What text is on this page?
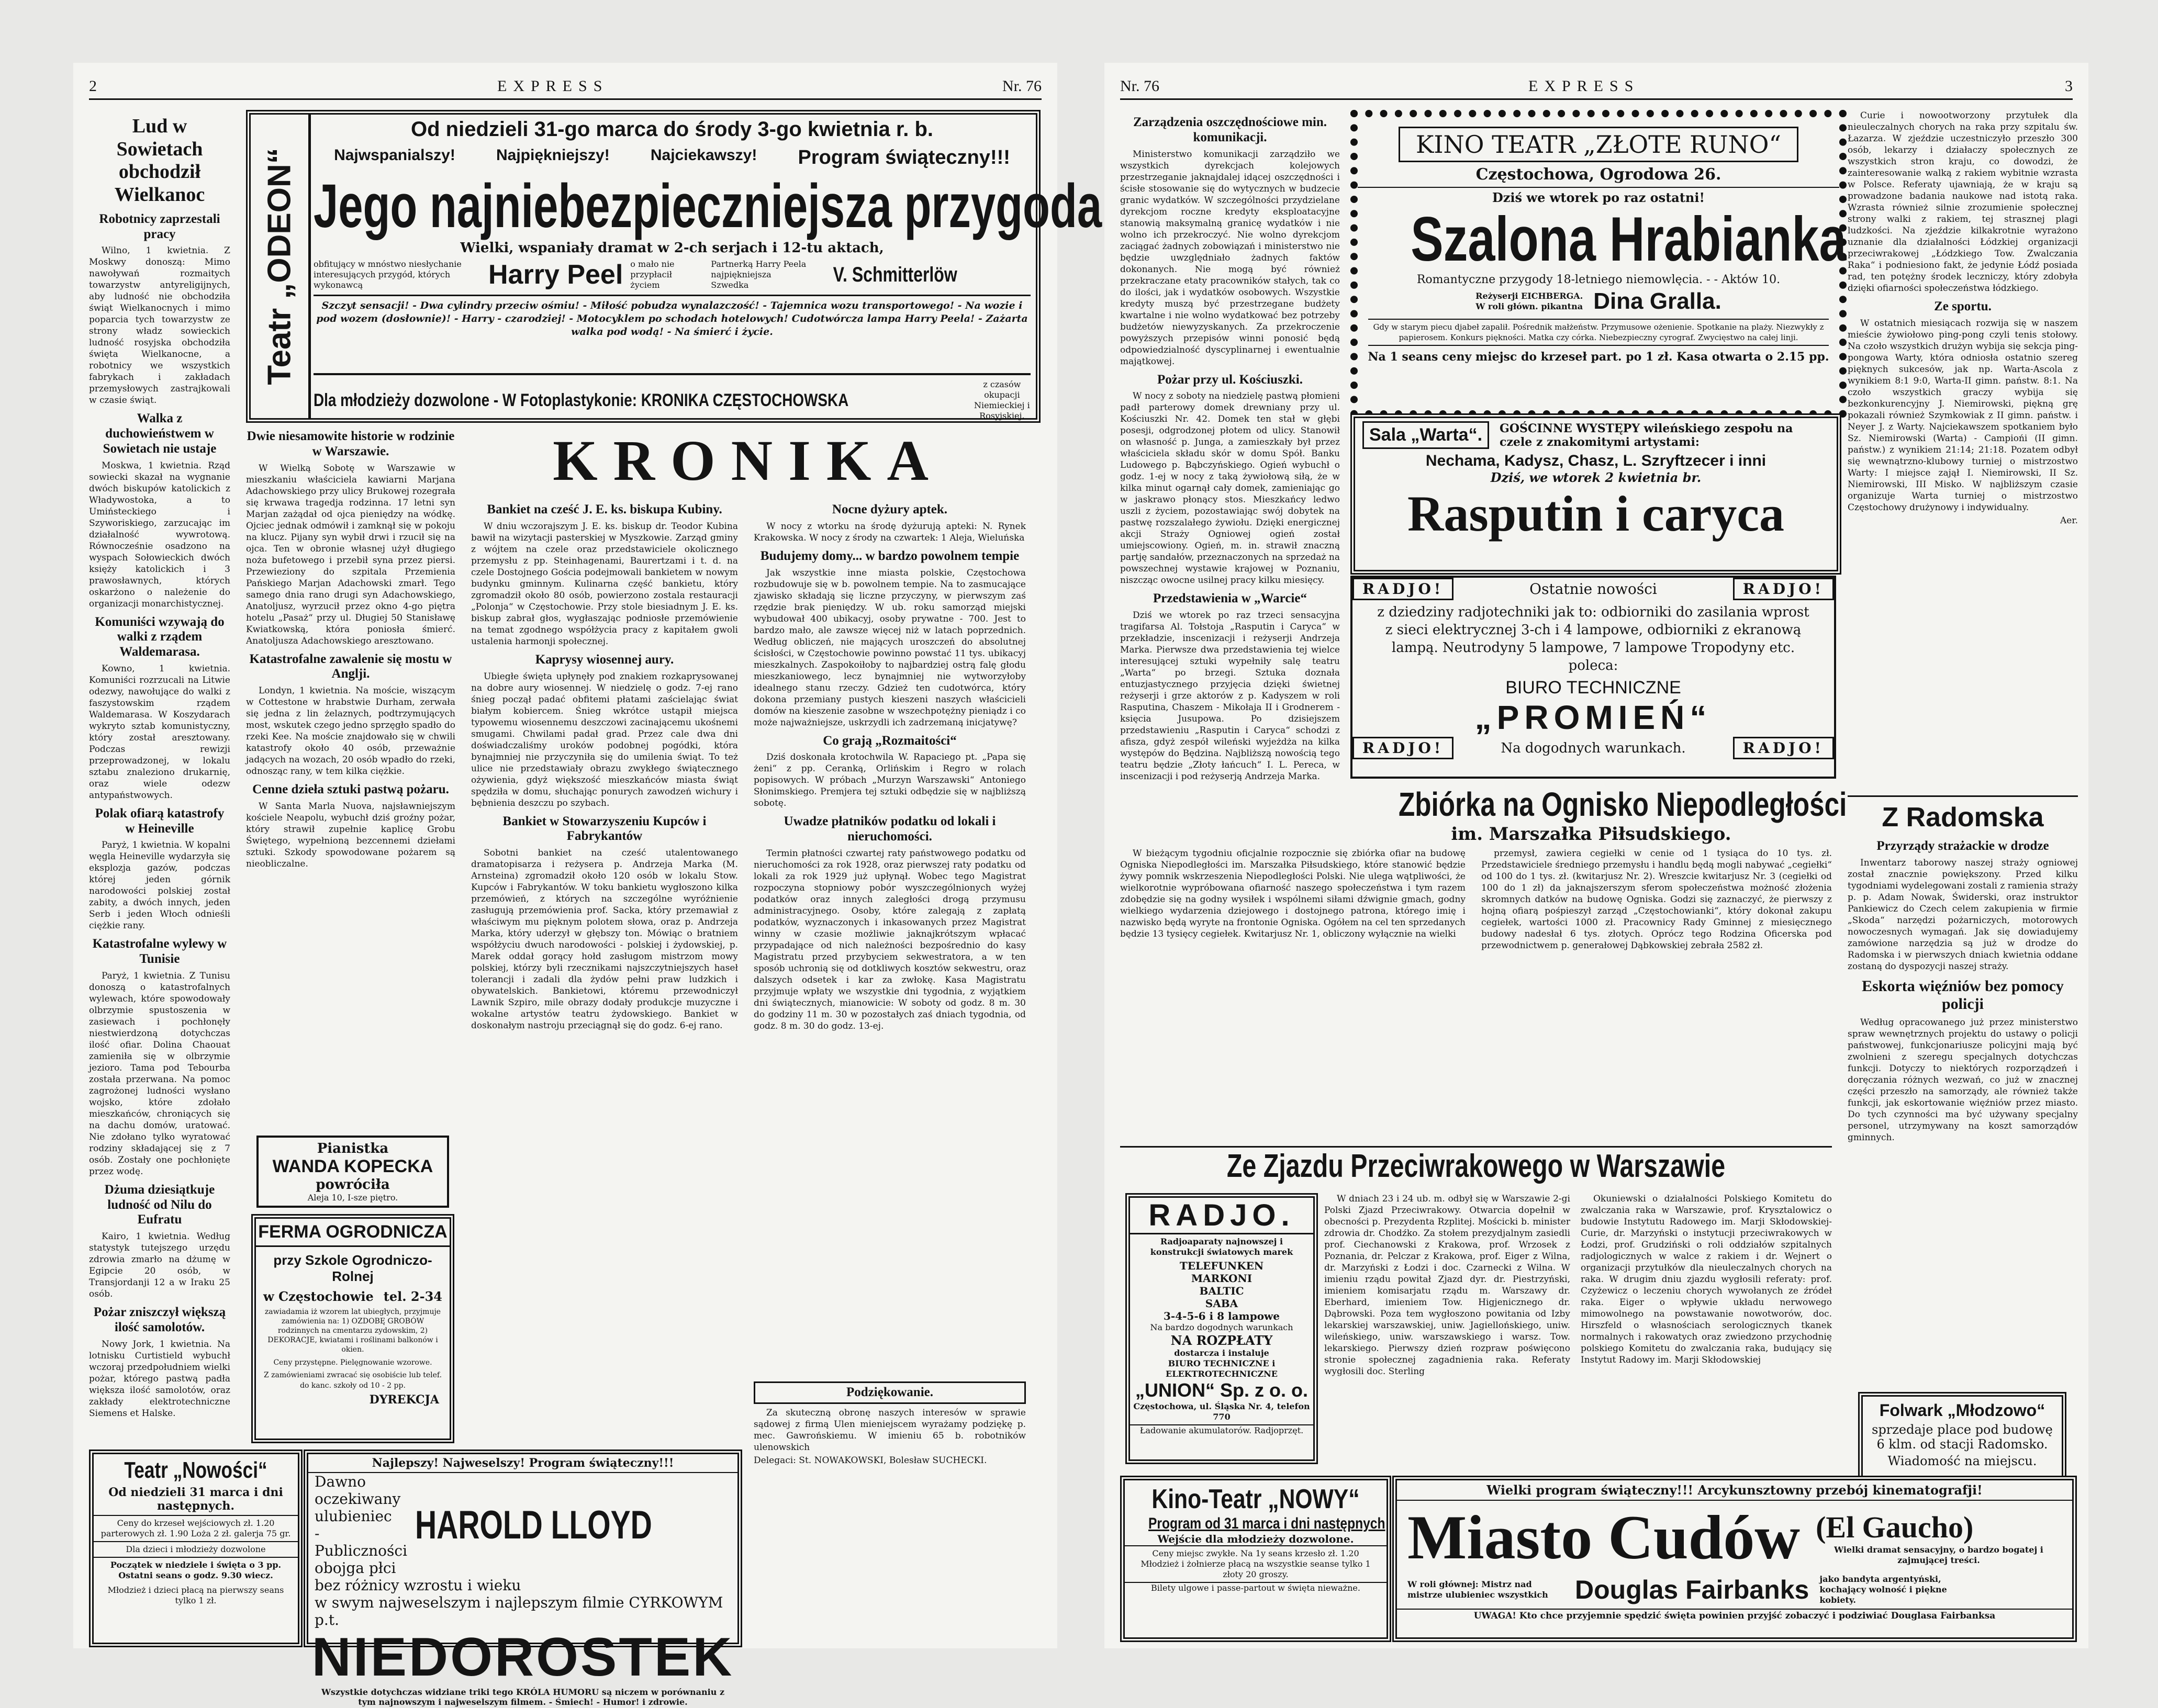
2	EXPRESS	Nr. 76
Lud w Sowietach obchodził Wielkanoc
Robotnicy zaprzestali pracy

Wilno, 1 kwietnia. Z Moskwy donoszą: Mimo nawoływań rozmaitych towarzystw antyreligijnych, aby ludność nie obchodziła świąt Wielkanocnych i mimo poparcia tych towarzystw ze strony władz sowieckich ludność rosyjska obchodziła święta Wielkanocne, a robotnicy we wszystkich fabrykach i zakładach przemysłowych zastrajkowali w czasie świąt.

Walka z duchowieństwem w Sowietach nie ustaje

Moskwa, 1 kwietnia. Rząd sowiecki skazał na wygnanie dwóch biskupów katolickich z Władywostoka, a to Umiństeckiego i Szyworiskiego, zarzucając im działalność wywrotową. Równocześnie osadzono na wyspach Sołowieckich dwóch księży katolickich i 3 prawosławnych, których oskarżono o należenie do organizacji monarchistycznej.

Komuniści wzywają do walki z rządem Waldemarasa.

Kowno, 1 kwietnia. Komuniści rozrzucali na Litwie odezwy, nawołujące do walki z faszystowskim rządem Waldemarasa. W Koszydarach wykryto sztab komunistyczny, który został aresztowany. Podczas rewizji przeprowadzonej, w lokalu sztabu znaleziono drukarnię, oraz wiele odezw antypaństwowych.

Polak ofiarą katastrofy w Heineville

Paryż, 1 kwietnia. W kopalni węgla Heineville wydarzyła się eksplozja gazów, podczas której jeden górnik narodowości polskiej został zabity, a dwóch innych, jeden Serb i jeden Włoch odnieśli ciężkie rany.

Katastrofalne wylewy w Tunisie

Paryż, 1 kwietnia. Z Tunisu donoszą o katastrofalnych wylewach, które spowodowały olbrzymie spustoszenia w zasiewach i pochłonęły niestwierdzoną dotychczas ilość ofiar. Dolina Chaouat zamieniła się w olbrzymie jezioro. Tama pod Tebourba została przerwana. Na pomoc zagrożonej ludności wysłano wojsko, które zdołało mieszkańców, chroniących się na dachu domów, uratować. Nie zdołano tylko wyratować rodziny składającej się z 7 osób. Zostały one pochłonięte przez wodę.

Dżuma dziesiątkuje ludność od Nilu do Eufratu

Kairo, 1 kwietnia. Według statystyk tutejszego urzędu zdrowia zmarło na dżumę w Egipcie 20 osób, w Transjordanji 12 a w Iraku 25 osób.

Pożar zniszczył większą ilość samolotów.

Nowy Jork, 1 kwietnia. Na lotnisku Curtistield wybuchł wczoraj przedpołudniem wielki pożar, którego pastwą padła większa ilość samolotów, oraz zakłady elektrotechniczne Siemens et Halske.

Teatr „ODEON“
Od niedzieli 31-go marca do środy 3-go kwietnia r. b.
Najwspanialszy!	Najpiękniejszy!	Najciekawszy! Program świąteczny!!!
Jego najniebezpieczniejsza przygoda
Wielki, wspaniały dramat w 2-ch serjach i 12-tu aktach,
obfitujący w mnóstwo niesłychanie interesujących przygód, których wykonawcą	Harry Peel o mało nie przypłacił życiem
Partnerką Harry Peela najpiękniejsza Szwedka	V. Schmitterlöw
Szczyt sensacji! - Dwa cylindry przeciw ośmiu! - Miłość pobudza wynalazczość! - Tajemnica wozu transportowego! - Na wozie i pod wozem (dosłownie)! - Harry - czarodziej! - Motocyklem po schodach hotelowych! Cudotwórcza lampa Harry Peela! - Zażarta walka pod wodą! - Na śmierć i życie.
Dla młodzieży dozwolone - W Fotoplastykonie: KRONIKA CZĘSTOCHOWSKA
z czasów okupacji Niemieckiej i Rosyjskiej.
Dwie niesamowite historie w rodzinie w Warszawie.

W Wielką Sobotę w Warszawie w mieszkaniu właściciela kawiarni Marjana Adachowskiego przy ulicy Brukowej rozegrała się krwawa tragedja rodzinna. 17 letni syn Marjan zażądał od ojca pieniędzy na wódkę. Ojciec jednak odmówił i zamknął się w pokoju na klucz. Pijany syn wybił drwi i rzucił się na ojca. Ten w obronie własnej użył długiego noża bufetowego i przebił syna przez piersi. Przewieziony do szpitala Przemienia Pańskiego Marjan Adachowski zmarł. Tego samego dnia rano drugi syn Adachowskiego, Anatoljusz, wyrzucił przez okno 4-go piętra hotelu „Pasaż“ przy ul. Długiej 50 Stanisławę Kwiatkowską, która poniosła śmierć. Anatoljusza Adachowskiego aresztowano.

Katastrofalne zawalenie się mostu w Anglji.

Londyn, 1 kwietnia. Na moście, wiszącym w Cottestone w hrabstwie Durham, zerwała się jedna z lin żelaznych, podtrzymujących most, wskutek czego jedno sprzęgło spadło do rzeki Kee. Na moście znajdowało się w chwili katastrofy około 40 osób, przeważnie jadących na wozach, 20 osób wpadło do rzeki, odnosząc rany, w tem kilka ciężkie.

Cenne dzieła sztuki pastwą pożaru.

W Santa Marla Nuova, najsławniejszym kościele Neapolu, wybuchł dziś groźny pożar, który strawił zupełnie kaplicę Grobu Świętego, wypełnioną bezcennemi dziełami sztuki. Szkody spowodowane pożarem są nieobliczalne.

Pianistka
WANDA KOPECKA
powróciła
Aleja 10, I-sze piętro.
FERMA OGRODNICZA
przy Szkole Ogrodniczo-Rolnej
w Częstochowie tel. 2-34
zawiadamia iż wzorem lat ubiegłych, przyjmuje zamówienia na: 1) OZDOBĘ GROBÓW rodzinnych na cmentarzu zydowskim, 2) DEKORACJE, kwiatami i roślinami balkonów i okien.
Ceny przystępne. Pielęgnowanie wzorowe.
Z zamówieniami zwracać się osobiście lub telef. do kanc. szkoły od 10 - 2 pp.
DYREKCJA
KRONIKA
Bankiet na cześć J. E. ks. biskupa Kubiny.

W dniu wczorajszym J. E. ks. biskup dr. Teodor Kubina bawił na wizytacji pasterskiej w Myszkowie. Zarząd gminy z wójtem na czele oraz przedstawiciele okolicznego przemysłu z pp. Steinhagenami, Baurertzami i t. d. na czele Dostojnego Gościa podejmowali bankietem w nowym budynku gminnym. Kulinarna część bankietu, który zgromadził około 80 osób, powierzono zostala restauracji „Polonja“ w Częstochowie. Przy stole biesiadnym J. E. ks. biskup zabrał głos, wygłaszając podniosłe przemówienie na temat zgodnego współżycia pracy z kapitałem gwoli ustalenia harmonji społecznej.

Kaprysy wiosennej aury.

Ubiegłe święta upłynęły pod znakiem rozkaprysowanej na dobre aury wiosennej. W niedzielę o godz. 7-ej rano śnieg począł padać obfitemi płatami zaścielając świat białym kobiercem. Śnieg wkrótce ustąpił miejsca typowemu wiosennemu deszczowi zacinającemu ukośnemi smugami. Chwilami padał grad. Przez cale dwa dni doświadczaliśmy uroków podobnej pogódki, która bynajmniej nie przyczyniła się do umilenia świąt. To też ulice nie przedstawiały obrazu zwykłego świątecznego ożywienia, gdyż większość mieszkańców miasta świąt spędziła w domu, słuchając ponurych zawodzeń wichury i bębnienia deszczu po szybach.

Bankiet w Stowarzyszeniu Kupców i Fabrykantów

Sobotni bankiet na cześć utalentowanego dramatopisarza i reżysera p. Andrzeja Marka (M. Arnsteina) zgromadził około 120 osób w lokalu Stow. Kupców i Fabrykantów. W toku bankietu wygłoszono kilka przemówień, z których na szczególne wyróżnienie zasługują przemówienia prof. Sacka, który przemawiał z właściwym mu pięknym polotem słowa, oraz p. Andrzeja Marka, który uderzył w głębszy ton. Mówiąc o bratniem współżyciu dwuch narodowości - polskiej i żydowskiej, p. Marek oddał gorący hołd zasługom mistrzom mowy polskiej, którzy byli rzecznikami najszczytniejszych haseł tolerancji i zadali dla żydów pełni praw ludzkich i obywatelskich. Bankietowi, któremu przewodniczył Lawnik Szpiro, mile obrazy dodały produkcje muzyczne i wokalne artystów teatru żydowskiego. Bankiet w doskonałym nastroju przeciągnął się do godz. 6-ej rano.

Nocne dyżury aptek.

W nocy z wtorku na środę dyżurują apteki: N. Rynek Krakowska. W nocy z środy na czwartek: 1 Aleja, Wieluńska

Budujemy domy... w bardzo powolnem tempie

Jak wszystkie inne miasta polskie, Częstochowa rozbudowuje się w b. powolnem tempie. Na to zasmucające zjawisko składają się liczne przyczyny, w pierwszym zaś rzędzie brak pieniędzy. W ub. roku samorząd miejski wybudował 400 ubikacyj, osoby prywatne - 700. Jest to bardzo mało, ale zawsze więcej niż w latach poprzednich. Według obliczeń, nie mających uroszczeń do absolutnej ścisłości, w Częstochowie powinno powstać 11 tys. ubikacyj mieszkalnych. Zaspokoiłoby to najbardziej ostrą falę głodu mieszkaniowego, lecz bynajmniej nie wytworzyłoby idealnego stanu rzeczy. Gdzież ten cudotwórca, który dokona przemiany pustych kieszeni naszych właścicieli domów na kieszenie zasobne w wszechpotężny pieniądz i co może najważniejsze, uskrzydli ich zadrzemaną inicjatywę?

Co grają „Rozmaitości“

Dziś doskonała krotochwila W. Rapaciego pt. „Papa się żeni“ z pp. Ceranką, Orlińskim i Regro w rolach popisowych. W próbach „Murzyn Warszawski“ Antoniego Słonimskiego. Premjera tej sztuki odbędzie się w najbliższą sobotę.

Uwadze płatników podatku od lokali i nieruchomości.

Termin płatności czwartej raty państwowego podatku od nieruchomości za rok 1928, oraz pierwszej raty podatku od lokali za rok 1929 już upłynął. Wobec tego Magistrat rozpoczyna stopniowy pobór wyszczególnionych wyżej podatków oraz innych zaległości drogą przymusu administracyjnego. Osoby, które zalegają z zapłatą podatków, wyznaczonych i inkasowanych przez Magistrat winny w czasie możliwie jaknajkrótszym wpłacać przypadające od nich należności bezpośrednio do kasy Magistratu przed przybyciem sekwestratora, a w ten sposób uchronią się od dotkliwych kosztów sekwestru, oraz dalszych odsetek i kar za zwłokę. Kasa Magistratu przyjmuje wpłaty we wszystkie dni tygodnia, z wyjątkiem dni świątecznych, mianowicie: W soboty od godz. 8 m. 30 do godziny 11 m. 30 w pozostałych zaś dniach tygodnia, od godz. 8 m. 30 do godz. 13-ej.

Podziękowanie.

Za skuteczną obronę naszych interesów w sprawie sądowej z firmą Ulen mieniejscem wyrażamy podziękę p. mec. Gawrońskiemu. W imieniu 65 b. robotników ulenowskich

Delegaci: St. NOWAKOWSKI, Bolesław SUCHECKI.

Teatr „Nowości“
Od niedzieli 31 marca i dni następnych.
Ceny do krzeseł wejściowych zł. 1.20 parterowych zł. 1.90 Loża 2 zł. galerja 75 gr.
Dla dzieci i młodzieży dozwolone
Początek w niedziele i święta o 3 pp. Ostatni seans o godz. 9.30 wiecz.
Młodzież i dzieci płacą na pierwszy seans tylko 1 zł.
Najlepszy! Najweselszy! Program świąteczny!!!
Dawno oczekiwany ulubieniec
- Publiczności obojga płci
HAROLD LLOYD
bez różnicy wzrostu i wieku
w swym najweselszym i najlepszym filmie CYRKOWYM p.t.
NIEDOROSTEK
Wszystkie dotychczas widziane triki tego KRÓLA HUMORU są niczem w porównaniu z tym najnowszym i najweselszym filmem. - Śmiech! - Humor! i zdrowie.
Nr. 76	EXPRESS	3
Zarządzenia oszczędnościowe min. komunikacji.

Ministerstwo komunikacji zarządziło we wszystkich dyrekcjach kolejowych przestrzeganie jaknajdalej idącej oszczędności i ścisłe stosowanie się do wytycznych w budzecie granic wydatków. W szczególności przydzielane dyrekcjom roczne kredyty eksploatacyjne stanowią maksymalną granicę wydatków i nie wolno ich przekroczyć. Nie wolno dyrekcjom zaciągać żadnych zobowiązań i ministerstwo nie będzie uwzględniało żadnych faktów dokonanych. Nie mogą być również przekraczane etaty pracowników stałych, tak co do ilości, jak i wydatków osobowych. Wszystkie kredyty muszą być przestrzegane budżety kwartalne i nie wolno wydatkować bez potrzeby budżetów niewyzyskanych. Za przekroczenie powyższych przepisów winni ponosić będą odpowiedzialność dyscyplinarnej i ewentualnie majątkowej.

Pożar przy ul. Kościuszki.

W nocy z soboty na niedzielę pastwą płomieni padł parterowy domek drewniany przy ul. Kościuszki Nr. 42. Domek ten stał w głębi posesji, odgrodzonej płotem od ulicy. Stanowił on własność p. Junga, a zamieszkały był przez właściciela składu skór w domu Spół. Banku Ludowego p. Bąbczyńskiego. Ogień wybuchł o godz. 1-ej w nocy z taką żywiołową siłą, że w kilka minut ogarnął cały domek, zamieniając go w jaskrawo płonący stos. Mieszkańcy ledwo uszli z życiem, pozostawiając swój dobytek na pastwę rozszalałego żywiołu. Dzięki energicznej akcji Straży Ogniowej ogień został umiejscowiony. Ogień, m. in. strawił znaczną partję sandałów, przeznaczonych na sprzedaż na powszechnej wystawie krajowej w Poznaniu, niszcząc owocne usilnej pracy kilku miesięcy.

Przedstawienia w „Warcie“

Dziś we wtorek po raz trzeci sensacyjna tragifarsa Al. Tołstoja „Rasputin i Caryca“ w przekładzie, inscenizacji i reżyserji Andrzeja Marka. Pierwsze dwa przedstawienia tej wielce interesującej sztuki wypełniły salę teatru „Warta“ po brzegi. Sztuka doznała entuzjastycznego przyjęcia dzięki świetnej reżyserji i grze aktorów z p. Kadyszem w roli Rasputina, Chaszem - Mikołaja II i Grodnerem - księcia Jusupowa. Po dzisiejszem przedstawieniu „Rasputin i Caryca“ schodzi z afisza, gdyż zespół wileński wyjeżdża na kilka występów do Będzina. Najbliższą nowością tego teatru będzie „Złoty łańcuch“ I. L. Pereca, w inscenizacji i pod reżyserją Andrzeja Marka.

KINO TEATR „ZŁOTE RUNO“
Częstochowa, Ogrodowa 26.
Dziś we wtorek po raz ostatni!
Szalona Hrabianka
Romantyczne przygody 18-letniego niemowlęcia. - - Aktów 10.
Reżyserji EICHBERGA.
W roli główn. pikantna Dina Gralla.
Gdy w starym piecu djabeł zapalił. Pośrednik małżeństw. Przymusowe ożenienie. Spotkanie na plaży. Niezwykły z papierosem. Konkurs piękności. Matka czy córka. Niebezpieczny cyrograf. Zwycięstwo na całej linji.
Na 1 seans ceny miejsc do krzeseł part. po 1 zł. Kasa otwarta o 2.15 pp.
Sala „Warta“.	GOŚCINNE WYSTĘPY wileńskiego zespołu na czele z znakomitymi artystami:
Nechama, Kadysz, Chasz, L. Szryftzecer i inni
Dziś, we wtorek 2 kwietnia br.
Rasputin i caryca
RADJO!	Ostatnie nowości	RADJO!
z dziedziny radjotechniki jak to: odbiorniki do zasilania wprost z sieci elektrycznej 3-ch i 4 lampowe, odbiorniki z ekranową lampą. Neutrodyny 5 lampowe, 7 lampowe Tropodyny etc. poleca:
BIURO TECHNICZNE
„PROMIEŃ“
RADJO!	Na dogodnych warunkach.	RADJO!

Curie i nowootworzony przytułek dla nieuleczalnych chorych na raka przy szpitalu św. Łazarza. W zjeździe uczestniczyło przeszło 300 osób, lekarzy i działaczy społecznych ze wszystkich stron kraju, co dowodzi, że zainteresowanie walką z rakiem wybitnie wzrasta w Polsce. Referaty ujawniają, że w kraju są prowadzone badania naukowe nad istotą raka. Wzrasta również silnie zrozumienie społecznej strony walki z rakiem, tej strasznej plagi ludzkości. Na zjeździe kilkakrotnie wyrażono uznanie dla działalności Łódzkiej organizacji przeciwrakowej „Łódzkiego Tow. Zwalczania Raka“ i podniesiono fakt, że jedynie Łódź posiada rad, ten potężny środek leczniczy, który zdobyła dzięki ofiarności społeczeństwa łódzkiego.

Ze sportu.

W ostatnich miesiącach rozwija się w naszem mieście żywiołowo ping-pong czyli tenis stołowy. Na czoło wszystkich drużyn wybija się sekcja ping-pongowa Warty, która odniosła ostatnio szereg pięknych sukcesów, jak np. Warta-Ascola z wynikiem 8:1 9:0, Warta-II gimn. państw. 8:1. Na czoło wszystkich graczy wybija się bezkonkurencyjny J. Niemirowski, piękną grę pokazali również Szymkowiak z II gimn. państw. i Neyer J. z Warty. Najciekawszem spotkaniem było Sz. Niemirowski (Warta) - Campiońi (II gimn. państw.) z wynikiem 21:14; 21:18. Pozatem odbył się wewnątrzno-klubowy turniej o mistrzostwo Warty: I miejsce zajął I. Niemirowski, II Sz. Niemirowski, III Misko. W najbliższym czasie organizuje Warta turniej o mistrzostwo Częstochowy drużynowy i indywidualny.

Aer.

Z Radomska
Przyrządy strażackie w drodze

Inwentarz taborowy naszej straży ogniowej został znacznie powiększony. Przed kilku tygodniami wydelegowani zostali z ramienia straży p. p. Adam Nowak, Świderski, oraz instruktor Pankiewicz do Czech celem zakupienia w firmie „Skoda“ narzędzi pożarniczych, motorowych nowoczesnych wymagań. Jak się dowiadujemy zamówione narzędzia są już w drodze do Radomska i w pierwszych dniach kwietnia oddane zostaną do dyspozycji naszej straży.

Eskorta więźniów bez pomocy policji

Według opracowanego już przez ministerstwo spraw wewnętrznych projektu do ustawy o policji państwowej, funkcjonariusze policyjni mają być zwolnieni z szeregu specjalnych dotychczas funkcji. Dotyczy to niektórych rozporządzeń i doręczania różnych wezwań, co już w znacznej części przeszło na samorządy, ale również także funkcji, jak eskortowanie więźniów przez miasto. Do tych czynności ma być używany specjalny personel, utrzymywany na koszt samorządów gminnych.

Folwark „Młodzowo“
sprzedaje place pod budowę 6 klm. od stacji Radomsko.
Wiadomość na miejscu.
Zbiórka na Ognisko Niepodległości
im. Marszałka Piłsudskiego.

W bieżącym tygodniu oficjalnie rozpocznie się zbiórka ofiar na budowę Ogniska Niepodległości im. Marszałka Piłsudskiego, które stanowić będzie żywy pomnik wskrzeszenia Niepodległości Polski. Nie ulega wątpliwości, że wielkorotnie wypróbowana ofiarność naszego społeczeństwa i tym razem zdobędzie się na godny wysiłek i wspólnemi siłami dźwignie gmach, godny wielkiego wydarzenia dziejowego i dostojnego patrona, którego imię i nazwisko będą wyryte na frontonie Ogniska. Ogółem na cel ten sprzedanych będzie 13 tysięcy cegiełek. Kwitarjusz Nr. 1, obliczony wyłącznie na wielki

przemysł, zawiera cegiełki w cenie od 1 tysiąca do 10 tys. zł. Przedstawiciele średniego przemysłu i handlu będą mogli nabywać „cegiełki“ od 100 do 1 tys. zł. (kwitarjusz Nr. 2). Wreszcie kwitarjusz Nr. 3 (cegiełki od 100 do 1 zł) da jaknajszerszym sferom społeczeństwa możność złożenia skromnych datków na budowę Ogniska. Godzi się zaznaczyć, że pierwszy z hojną ofiarą pośpieszył zarząd „Częstochowianki“, który dokonał zakupu cegiełek, wartości 1000 zł. Pracownicy Rady Gminnej z miesięcznego budowy nadesłał 6 tys. złotych. Oprócz tego Rodzina Oficerska pod przewodnictwem p. generałowej Dąbkowskiej zebrała 2582 zł.

Ze Zjazdu Przeciwrakowego w Warszawie

W dniach 23 i 24 ub. m. odbył się w Warszawie 2-gi Polski Zjazd Przeciwrakowy. Otwarcia dopełnił w obecności p. Prezydenta Rzplitej. Mościcki b. minister zdrowia dr. Chodźko. Za stołem prezydjalnym zasiedli prof. Ciechanowski z Krakowa, prof. Wrzosek z Poznania, dr. Pelczar z Krakowa, prof. Eiger z Wilna, dr. Marzyński z Łodzi i doc. Czarnecki z Wilna. W imieniu rządu powitał Zjazd dyr. dr. Piestrzyński, imieniem komisarjatu rządu m. Warszawy dr. Eberhard, imieniem Tow. Higjenicznego dr. Dąbrowski. Poza tem wygłoszono powitania od Izby lekarskiej warszawskiej, uniw. Jagiellońskiego, uniw. wileńskiego, uniw. warszawskiego i warsz. Tow. lekarskiego. Pierwszy dzień rozpraw poświęcono stronie społecznej zagadnienia raka. Referaty wygłosili doc. Sterling

Okuniewski o działalności Polskiego Komitetu do zwalczania raka w Warszawie, prof. Krysztalowicz o budowie Instytutu Radowego im. Marji Skłodowskiej-Curie, dr. Marzyński o instytucji przeciwrakowych w Łodzi, prof. Grudziński o roli oddziałów szpitalnych radjologicznych w walce z rakiem i dr. Wejnert o organizacji przytułków dla nieuleczalnych chorych na raka. W drugim dniu zjazdu wygłosili referaty: prof. Czyżewicz o leczeniu chorych wywołanych ze źródeł raka. Eiger o wpływie układu nerwowego mimowolnego na powstawanie nowotworów, doc. Hirszfeld o własnościach serologicznych tkanek normalnych i rakowatych oraz zwiedzono przychodnię polskiego Komitetu do zwalczania raka, budujący się Instytut Radowy im. Marji Skłodowskiej

RADJO.
Radjoaparaty najnowszej i konstrukcji światowych marek
TELEFUNKEN
MARKONI
BALTIC
SABA
3-4-5-6 i 8 lampowe
Na bardzo dogodnych warunkach
NA ROZPŁATY
dostarcza i instaluje
BIURO TECHNICZNE i ELEKTROTECHNICZNE
„UNION“ Sp. z o. o.
Częstochowa, ul. Śląska Nr. 4, telefon 770
Ładowanie akumulatorów. Radjoprzęt.
Kino-Teatr „NOWY“
Program od 31 marca i dni następnych
Wejście dla młodzieży dozwolone.
Ceny miejsc zwykłe. Na 1y seans krzesło zł. 1.20 Młodzież i żołnierze płacą na wszystkie seanse tylko 1 złoty 20 groszy.
Bilety ulgowe i passe-partout w święta nieważne.
Wielki program świąteczny!!! Arcykunsztowny przebój kinematografji!
Miasto Cudów (El Gaucho)
Wielki dramat sensacyjny, o bardzo bogatej i zajmującej treści.
W roli głównej: Mistrz nad mistrze ulubieniec wszystkich	Douglas Fairbanks jako bandyta argentyński, kochający wolność i piękne kobiety.
UWAGA! Kto chce przyjemnie spędzić święta powinien przyjść zobaczyć i podziwiać Douglasa Fairbanksa
